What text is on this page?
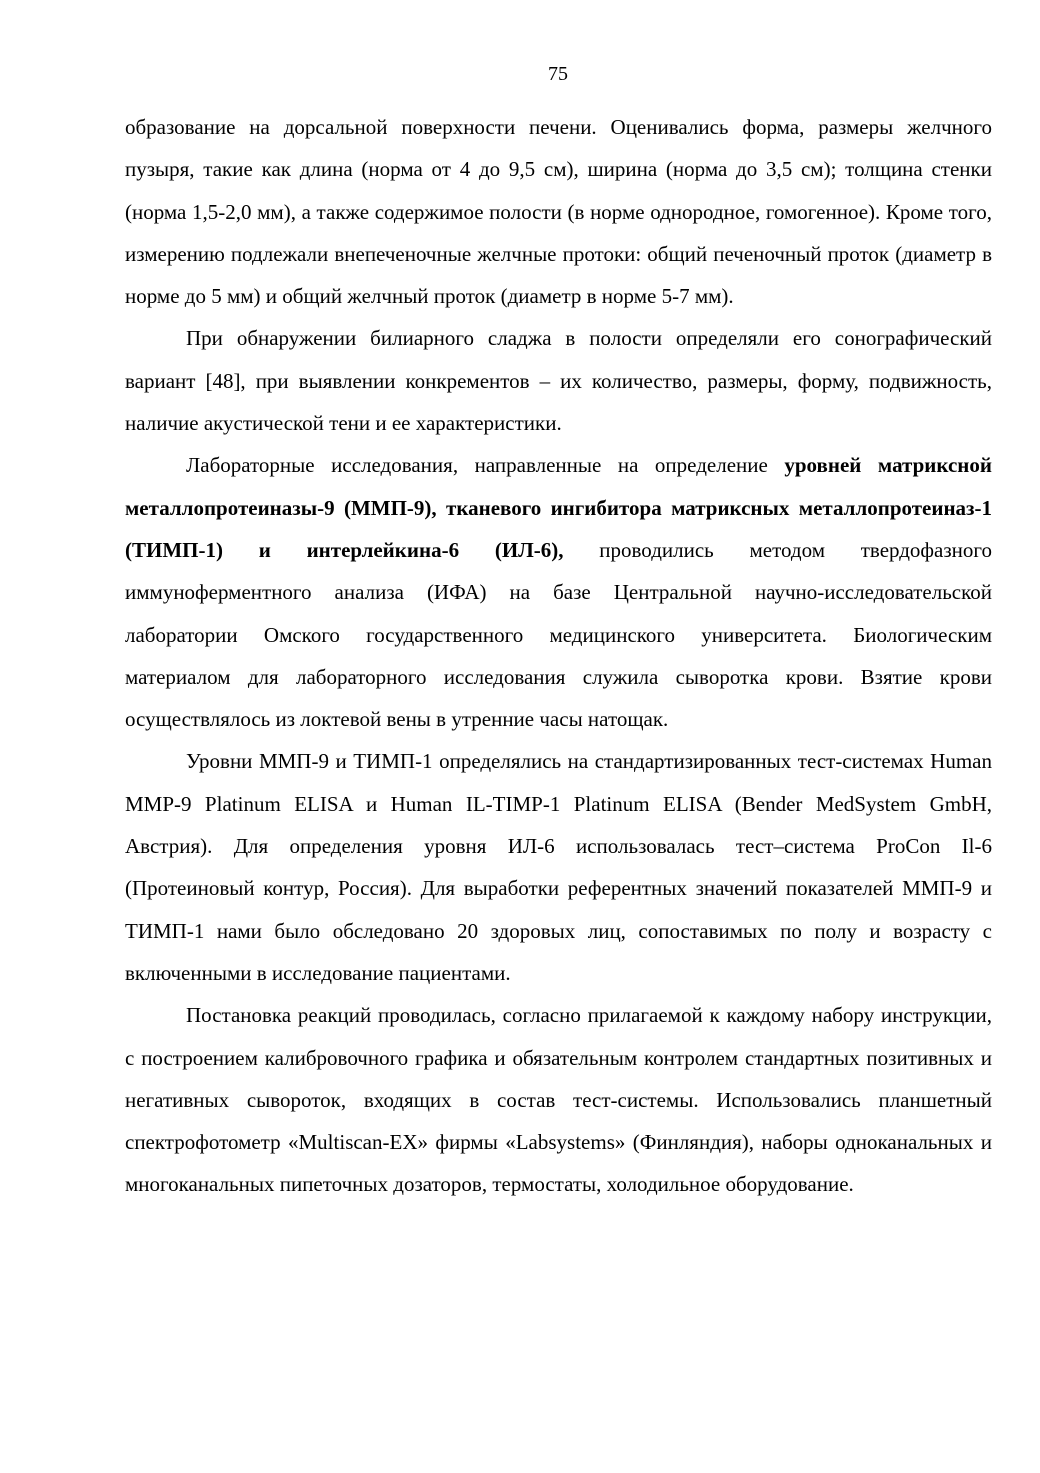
75

образование на дорсальной поверхности печени. Оценивались форма, размеры желчного пузыря, такие как длина (норма от 4 до 9,5 см), ширина (норма до 3,5 см); толщина стенки (норма 1,5-2,0 мм), а также содержимое полости (в норме однородное, гомогенное). Кроме того, измерению подлежали внепеченочные желчные протоки: общий печеночный проток (диаметр в норме до 5 мм) и общий желчный проток (диаметр в норме 5-7 мм).

При обнаружении билиарного сладжа в полости определяли его сонографический вариант [48], при выявлении конкрементов – их количество, размеры, форму, подвижность, наличие акустической тени и ее характеристики.

Лабораторные исследования, направленные на определение уровней матриксной металлопротеиназы-9 (ММП-9), тканевого ингибитора матриксных металлопротеиназ-1 (ТИМП-1) и интерлейкина-6 (ИЛ-6), проводились методом твердофазного иммуноферментного анализа (ИФА) на базе Центральной научно-исследовательской лаборатории Омского государственного медицинского университета. Биологическим материалом для лабораторного исследования служила сыворотка крови. Взятие крови осуществлялось из локтевой вены в утренние часы натощак.

Уровни ММП-9 и ТИМП-1 определялись на стандартизированных тест-системах Human MMP-9 Platinum ELISA и Human IL-TIMP-1 Platinum ELISA (Bender MedSystem GmbH, Австрия). Для определения уровня ИЛ-6 использовалась тест–система ProCon Il-6 (Протеиновый контур, Россия). Для выработки референтных значений показателей ММП-9 и ТИМП-1 нами было обследовано 20 здоровых лиц, сопоставимых по полу и возрасту с включенными в исследование пациентами.

Постановка реакций проводилась, согласно прилагаемой к каждому набору инструкции, с построением калибровочного графика и обязательным контролем стандартных позитивных и негативных сывороток, входящих в состав тест-системы. Использовались планшетный спектрофотометр «Multiscan-EX» фирмы «Labsystems» (Финляндия), наборы одноканальных и многоканальных пипеточных дозаторов, термостаты, холодильное оборудование.
